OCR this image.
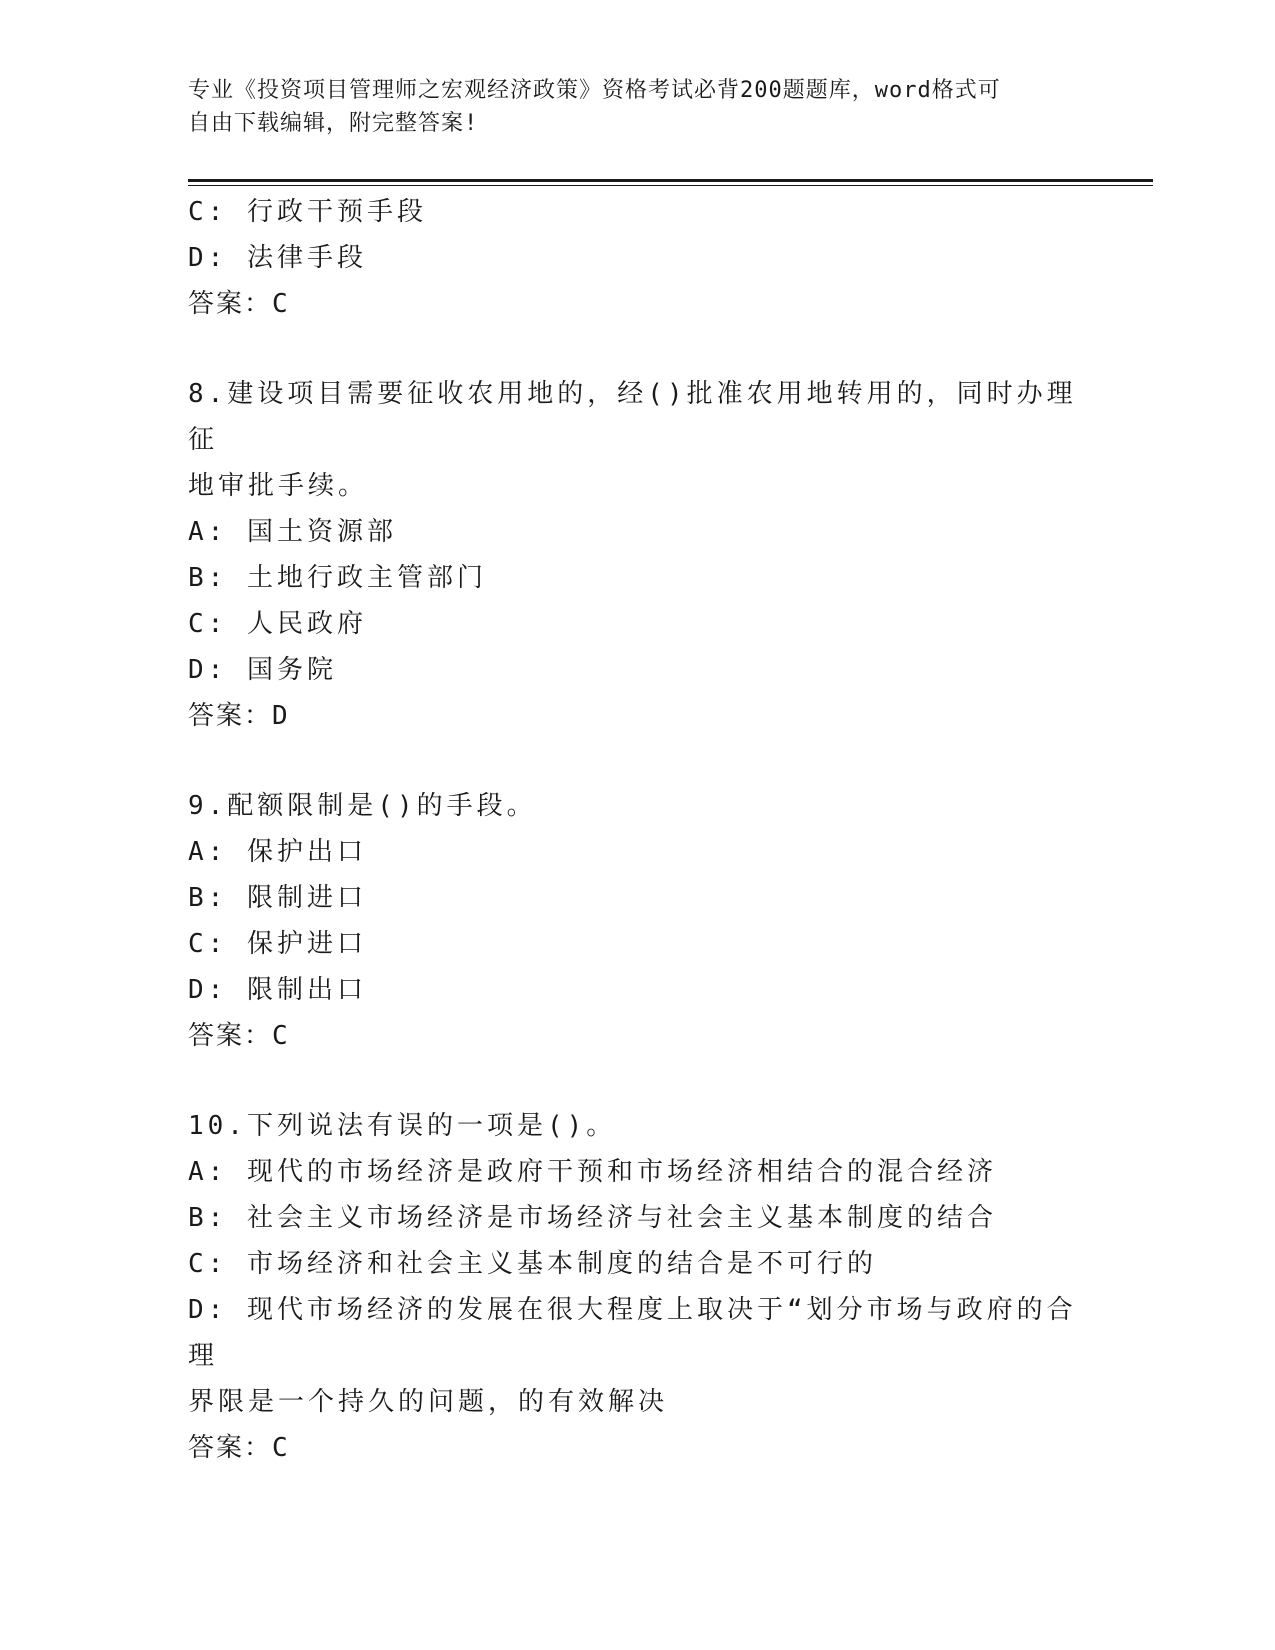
专业《投资项目管理师之宏观经济政策》资格考试必背200题题库，word格式可
自由下载编辑，附完整答案!
C: 行政干预手段
D: 法律手段
答案：C
8.建设项目需要征收农用地的，经()批准农用地转用的，同时办理征
地审批手续。
A: 国土资源部
B: 土地行政主管部门
C: 人民政府
D: 国务院
答案：D
9.配额限制是()的手段。
A: 保护出口
B: 限制进口
C: 保护进口
D: 限制出口
答案：C
10.下列说法有误的一项是()。
A: 现代的市场经济是政府干预和市场经济相结合的混合经济
B: 社会主义市场经济是市场经济与社会主义基本制度的结合
C: 市场经济和社会主义基本制度的结合是不可行的
D: 现代市场经济的发展在很大程度上取决于“划分市场与政府的合理
界限是一个持久的问题，的有效解决
答案：C
